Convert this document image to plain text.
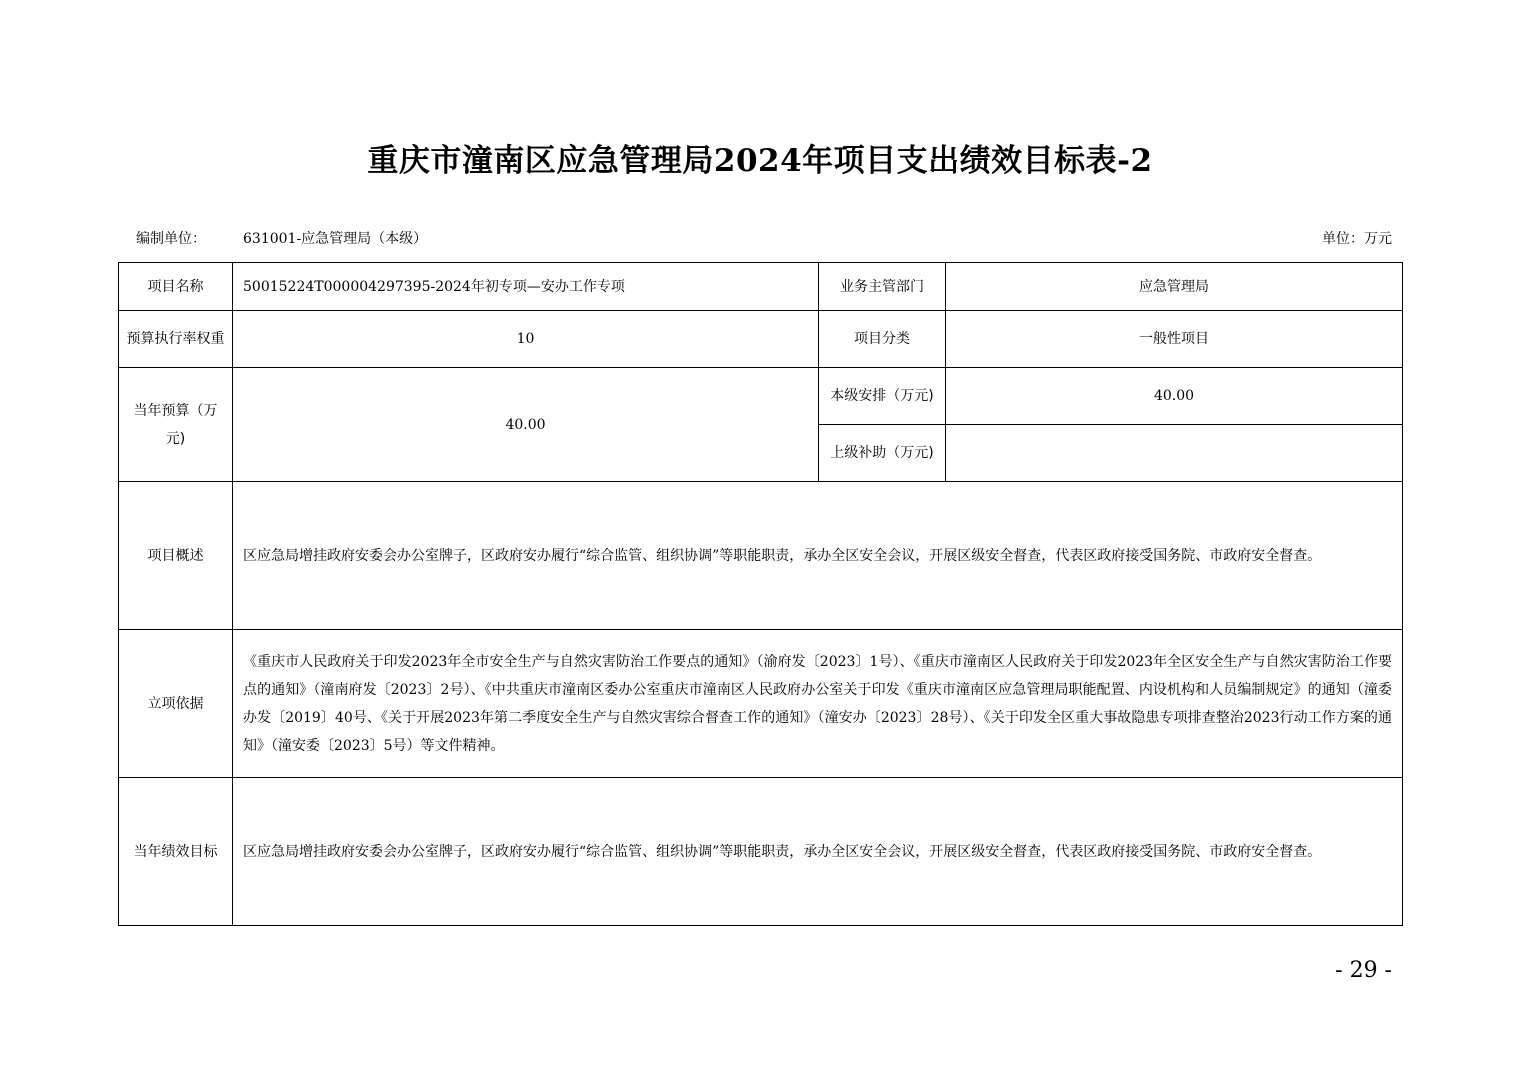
重庆市潼南区应急管理局2024年项目支出绩效目标表-2
编制单位：	631001-应急管理局（本级）	单位：万元
项目名称	50015224T000004297395-2024年初专项—安办工作专项	业务主管部门	应急管理局
预算执行率权重	10	项目分类	一般性项目
当年预算（万元)	40.00	本级安排（万元)	40.00
		上级补助（万元)	
项目概述	区应急局增挂政府安委会办公室牌子，区政府安办履行“综合监管、组织协调”等职能职责，承办全区安全会议，开展区级安全督查，代表区政府接受国务院、市政府安全督查。		
立项依据	《重庆市人民政府关于印发2023年全市安全生产与自然灾害防治工作要点的通知》（渝府发〔2023〕1号）、《重庆市潼南区人民政府关于印发2023年全区安全生产与自然灾害防治工作要点的通知》（潼南府发〔2023〕2号）、《中共重庆市潼南区委办公室重庆市潼南区人民政府办公室关于印发《重庆市潼南区应急管理局职能配置、内设机构和人员编制规定》的通知（潼委办发〔2019〕40号、《关于开展2023年第二季度安全生产与自然灾害综合督查工作的通知》（潼安办〔2023〕28号）、《关于印发全区重大事故隐患专项排查整治2023行动工作方案的通知》（潼安委〔2023〕5号）等文件精神。		
当年绩效目标	区应急局增挂政府安委会办公室牌子，区政府安办履行“综合监管、组织协调”等职能职责，承办全区安全会议，开展区级安全督查，代表区政府接受国务院、市政府安全督查。		
- 29 -
